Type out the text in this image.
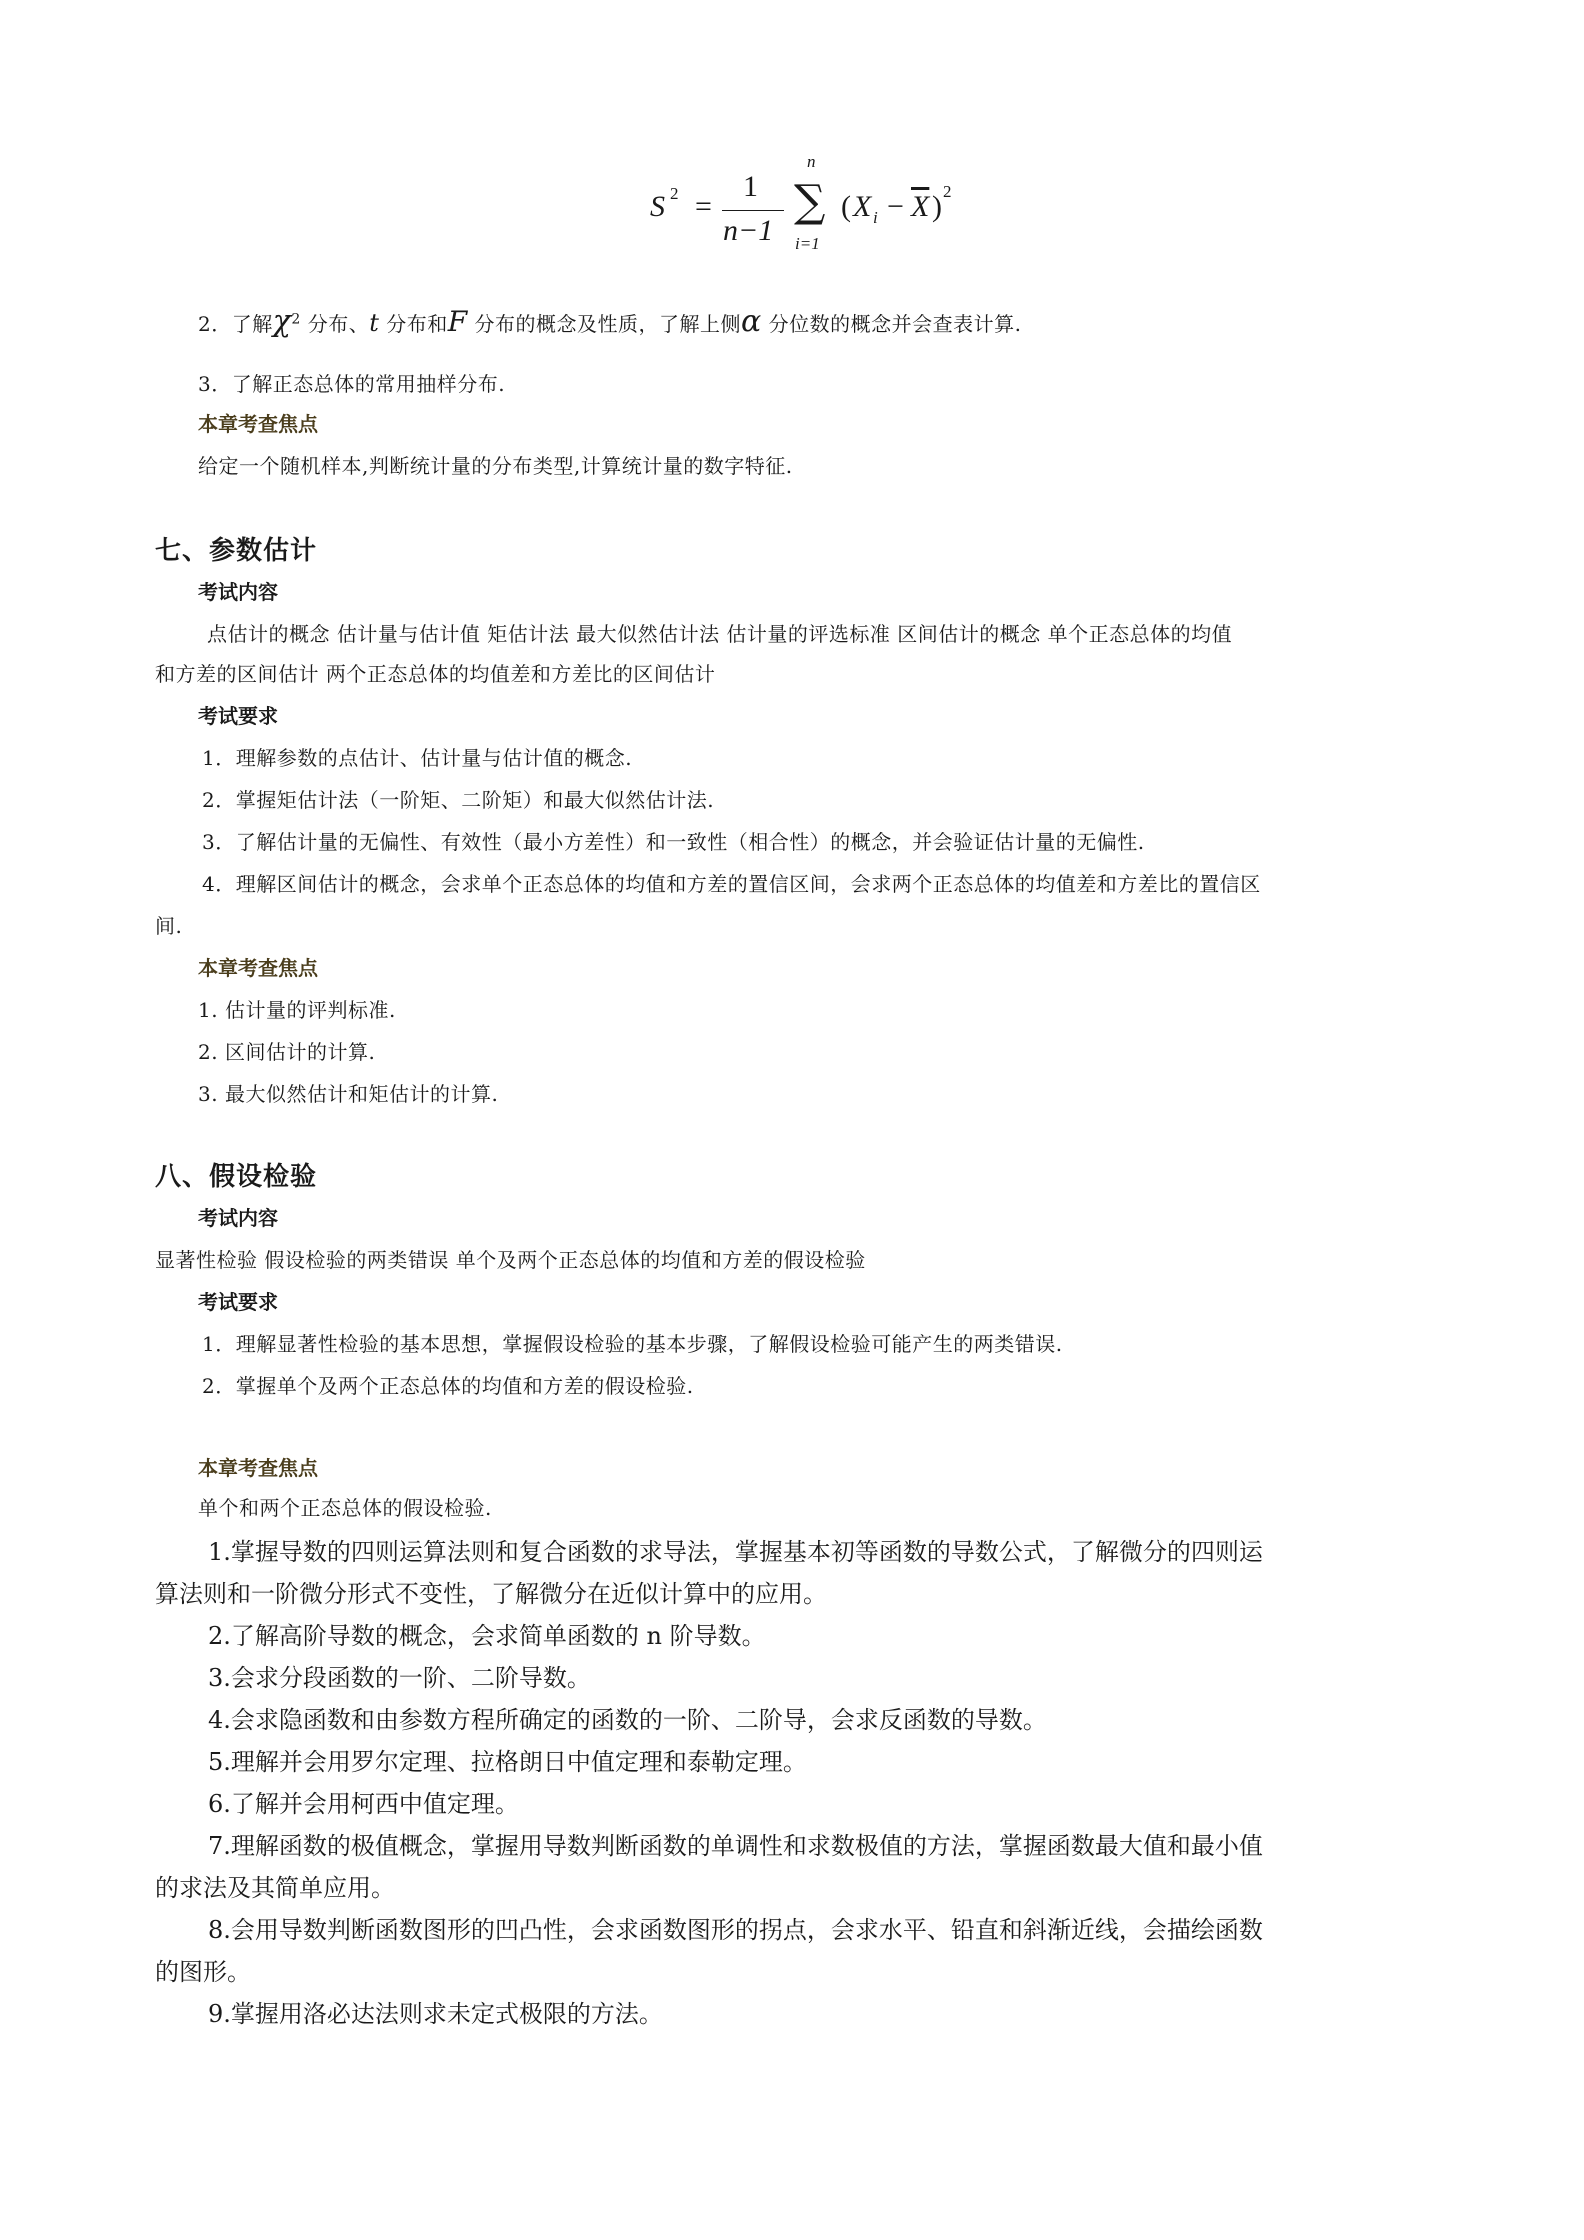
S 2 =
1
n−1
∑
n
i=1
( X $i - \overline{X}$ ) 2
2．了解$\chi^2$ 分布、t 分布和F 分布的概念及性质，了解上侧α 分位数的概念并会查表计算.
3．了解正态总体的常用抽样分布.
本章考查焦点
给定一个随机样本,判断统计量的分布类型,计算统计量的数字特征.
七、参数估计
考试内容
点估计的概念 估计量与估计值 矩估计法 最大似然估计法 估计量的评选标准 区间估计的概念 单个正态总体的均值
和方差的区间估计 两个正态总体的均值差和方差比的区间估计
考试要求
1．理解参数的点估计、估计量与估计值的概念.
2．掌握矩估计法（一阶矩、二阶矩）和最大似然估计法.
3．了解估计量的无偏性、有效性（最小方差性）和一致性（相合性）的概念，并会验证估计量的无偏性.
4．理解区间估计的概念，会求单个正态总体的均值和方差的置信区间，会求两个正态总体的均值差和方差比的置信区
间.
本章考查焦点
1. 估计量的评判标准.
2. 区间估计的计算.
3. 最大似然估计和矩估计的计算.
八、假设检验
考试内容
显著性检验 假设检验的两类错误 单个及两个正态总体的均值和方差的假设检验
考试要求
1．理解显著性检验的基本思想，掌握假设检验的基本步骤，了解假设检验可能产生的两类错误.
2．掌握单个及两个正态总体的均值和方差的假设检验.
本章考查焦点
单个和两个正态总体的假设检验.
1.掌握导数的四则运算法则和复合函数的求导法，掌握基本初等函数的导数公式，了解微分的四则运
算法则和一阶微分形式不变性，了解微分在近似计算中的应用。
2.了解高阶导数的概念，会求简单函数的 n 阶导数。
3.会求分段函数的一阶、二阶导数。
4.会求隐函数和由参数方程所确定的函数的一阶、二阶导，会求反函数的导数。
5.理解并会用罗尔定理、拉格朗日中值定理和泰勒定理。
6.了解并会用柯西中值定理。
7.理解函数的极值概念，掌握用导数判断函数的单调性和求数极值的方法，掌握函数最大值和最小值
的求法及其简单应用。
8.会用导数判断函数图形的凹凸性，会求函数图形的拐点，会求水平、铅直和斜渐近线，会描绘函数
的图形。
9.掌握用洛必达法则求未定式极限的方法。
